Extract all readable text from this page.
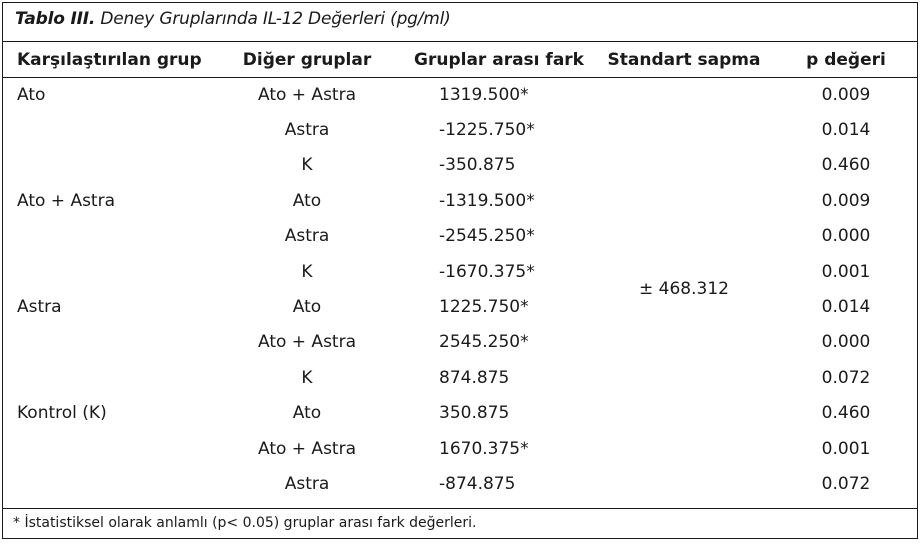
Tablo III. Deney Gruplarında IL-12 Değerleri (pg/ml)
Karşılaştırılan grup	Diğer gruplar	Gruplar arası fark	Standart sapma	p değeri
Ato	Ato + Astra	1319.500*	± 468.312	0.009
	Astra	-1225.750*		0.014
	K	-350.875		0.460
Ato + Astra	Ato	-1319.500*		0.009
	Astra	-2545.250*		0.000
	K	-1670.375*		0.001
Astra	Ato	1225.750*		0.014
	Ato + Astra	2545.250*		0.000
	K	874.875		0.072
Kontrol (K)	Ato	350.875		0.460
	Ato + Astra	1670.375*		0.001
	Astra	-874.875		0.072
* İstatistiksel olarak anlamlı (p< 0.05) gruplar arası fark değerleri.
